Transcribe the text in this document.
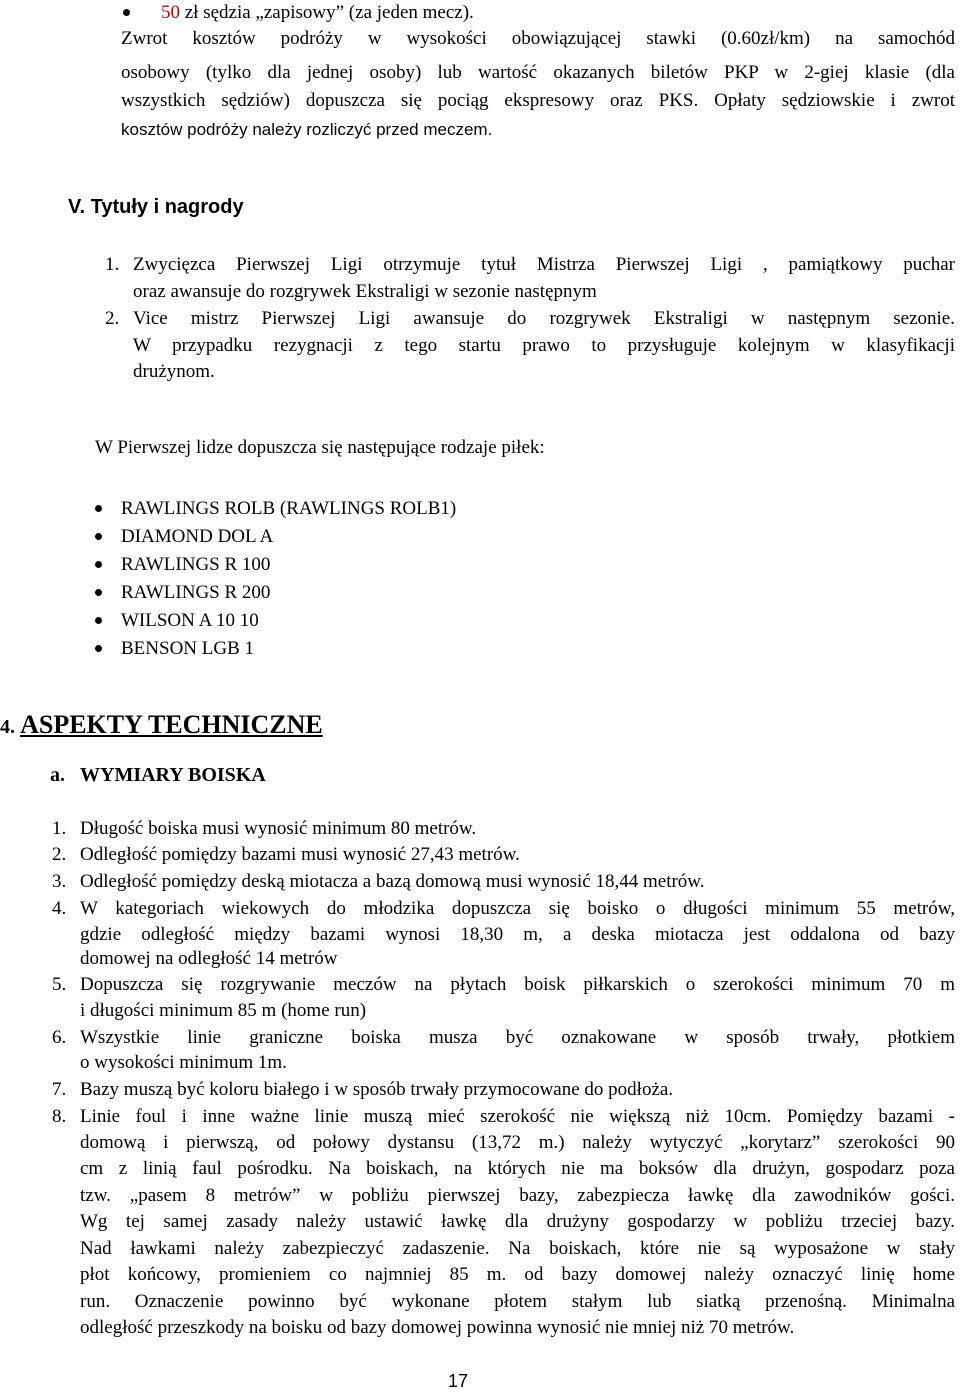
50 zł sędzia „zapisowy” (za jeden mecz).
Zwrot kosztów podróży w wysokości obowiązującej stawki (0.60zł/km) na samochód
osobowy (tylko dla jednej osoby) lub wartość okazanych biletów PKP w 2-giej klasie (dla
wszystkich sędziów) dopuszcza się pociąg ekspresowy oraz PKS. Opłaty sędziowskie i zwrot
kosztów podróży należy rozliczyć przed meczem.
V. Tytuły i nagrody
1. Zwycięzca Pierwszej Ligi otrzymuje tytuł Mistrza Pierwszej Ligi , pamiątkowy puchar
oraz awansuje do rozgrywek Ekstraligi w sezonie następnym
2. Vice mistrz Pierwszej Ligi awansuje do rozgrywek Ekstraligi w następnym sezonie.
W przypadku rezygnacji z tego startu prawo to przysługuje kolejnym w klasyfikacji
drużynom.
W Pierwszej lidze dopuszcza się następujące rodzaje piłek:
RAWLINGS ROLB (RAWLINGS ROLB1)
DIAMOND DOL A
RAWLINGS R 100
RAWLINGS R 200
WILSON A 10 10
BENSON LGB 1
4. ASPEKTY TECHNICZNE
a. WYMIARY BOISKA
1. Długość boiska musi wynosić minimum 80 metrów.
2. Odległość pomiędzy bazami musi wynosić 27,43 metrów.
3. Odległość pomiędzy deską miotacza a bazą domową musi wynosić 18,44 metrów.
4. W kategoriach wiekowych do młodzika dopuszcza się boisko o długości minimum 55 metrów,
gdzie odległość między bazami wynosi 18,30 m, a deska miotacza jest oddalona od bazy
domowej na odległość 14 metrów
5. Dopuszcza się rozgrywanie meczów na płytach boisk piłkarskich o szerokości minimum 70 m
i długości minimum 85 m (home run)
6. Wszystkie linie graniczne boiska musza być oznakowane w sposób trwały, płotkiem
o wysokości minimum 1m.
7. Bazy muszą być koloru białego i w sposób trwały przymocowane do podłoża.
8. Linie foul i inne ważne linie muszą mieć szerokość nie większą niż 10cm. Pomiędzy bazami -
domową i pierwszą, od połowy dystansu (13,72 m.) należy wytyczyć „korytarz” szerokości 90
cm z linią faul pośrodku. Na boiskach, na których nie ma boksów dla drużyn, gospodarz poza
tzw. „pasem 8 metrów” w pobliżu pierwszej bazy, zabezpiecza ławkę dla zawodników gości.
Wg tej samej zasady należy ustawić ławkę dla drużyny gospodarzy w pobliżu trzeciej bazy.
Nad ławkami należy zabezpieczyć zadaszenie. Na boiskach, które nie są wyposażone w stały
płot końcowy, promieniem co najmniej 85 m. od bazy domowej należy oznaczyć linię home
run. Oznaczenie powinno być wykonane płotem stałym lub siatką przenośną. Minimalna
odległość przeszkody na boisku od bazy domowej powinna wynosić nie mniej niż 70 metrów.
17
